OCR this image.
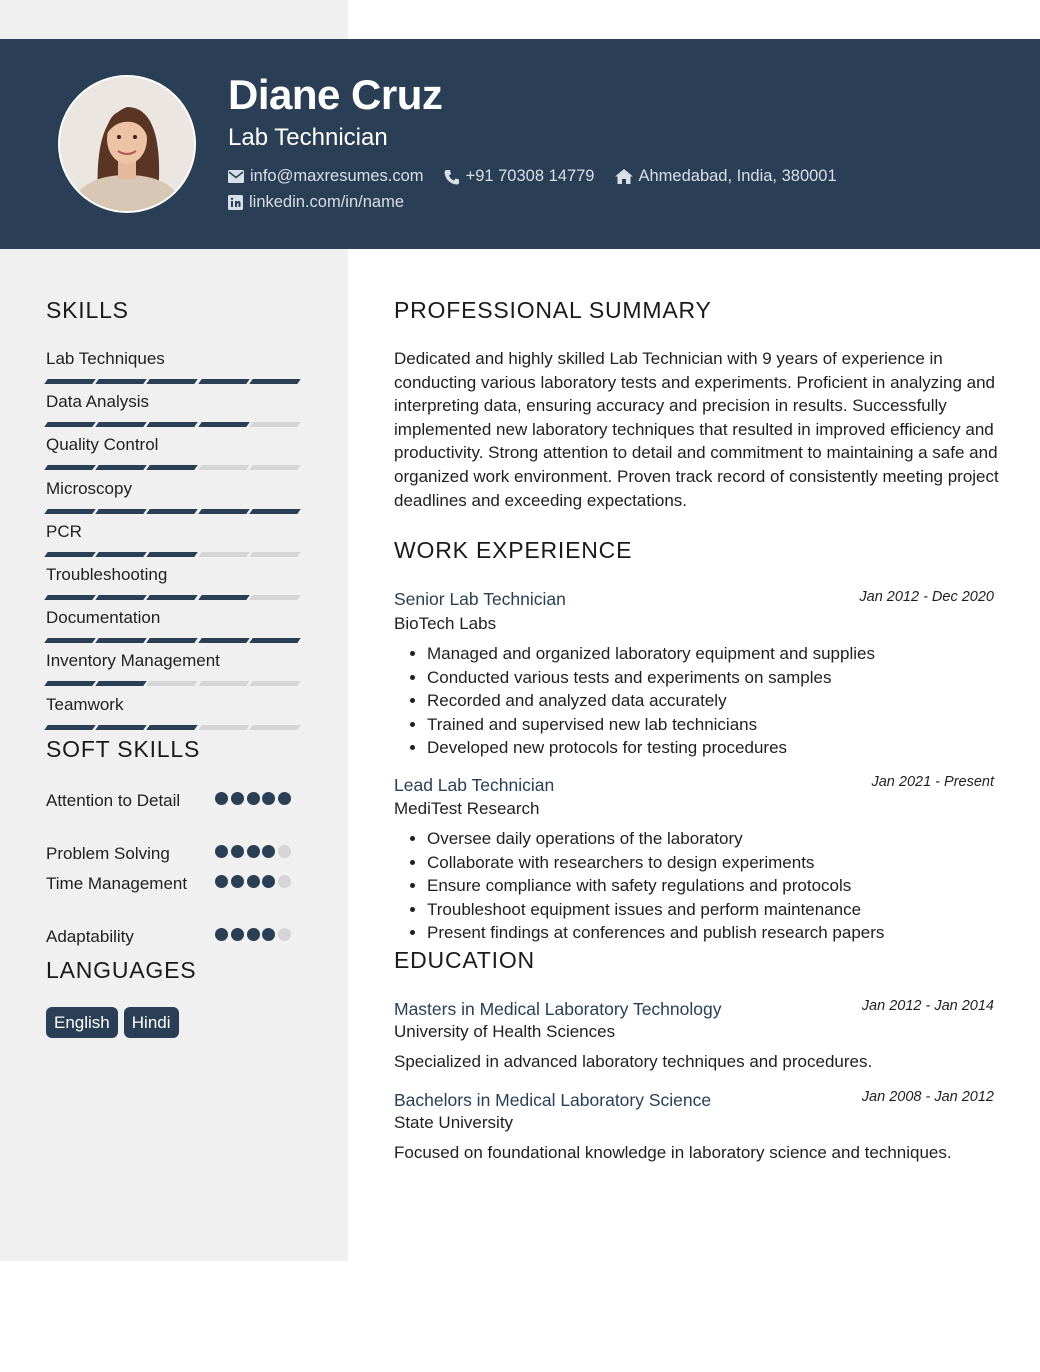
Diane Cruz
Lab Technician
info@maxresumes.com	+91 70308 14779	Ahmedabad, India, 380001
linkedin.com/in/name
SKILLS
Lab Techniques
Data Analysis
Quality Control
Microscopy
PCR
Troubleshooting
Documentation
Inventory Management
Teamwork
SOFT SKILLS
Attention to Detail
Problem Solving
Time Management
Adaptability
LANGUAGES
English	Hindi
PROFESSIONAL SUMMARY

Dedicated and highly skilled Lab Technician with 9 years of experience in conducting various laboratory tests and experiments. Proficient in analyzing and interpreting data, ensuring accuracy and precision in results. Successfully implemented new laboratory techniques that resulted in improved efficiency and productivity. Strong attention to detail and commitment to maintaining a safe and organized work environment. Proven track record of consistently meeting project deadlines and exceeding expectations.

WORK EXPERIENCE
Senior Lab Technician	Jan 2012 - Dec 2020
BioTech Labs
• Managed and organized laboratory equipment and supplies
• Conducted various tests and experiments on samples
• Recorded and analyzed data accurately
• Trained and supervised new lab technicians
• Developed new protocols for testing procedures
Lead Lab Technician	Jan 2021 - Present
MediTest Research
• Oversee daily operations of the laboratory
• Collaborate with researchers to design experiments
• Ensure compliance with safety regulations and protocols
• Troubleshoot equipment issues and perform maintenance
• Present findings at conferences and publish research papers
EDUCATION
Masters in Medical Laboratory Technology	Jan 2012 - Jan 2014
University of Health Sciences
Specialized in advanced laboratory techniques and procedures.
Bachelors in Medical Laboratory Science	Jan 2008 - Jan 2012
State University
Focused on foundational knowledge in laboratory science and techniques.
